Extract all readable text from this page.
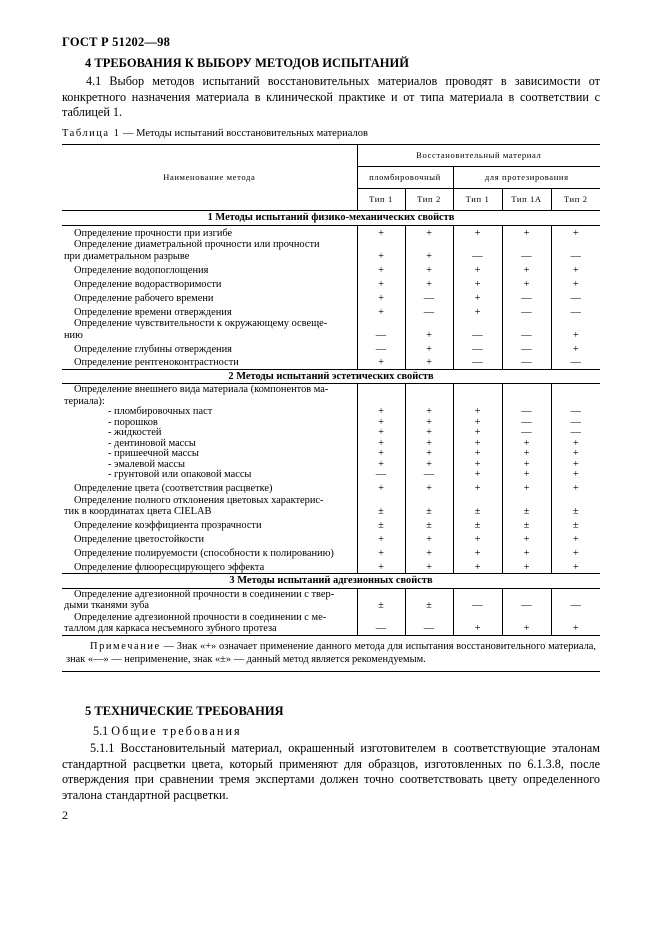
ГОСТ Р 51202—98
4 ТРЕБОВАНИЯ К ВЫБОРУ МЕТОДОВ ИСПЫТАНИЙ
4.1 Выбор методов испытаний восстановительных материалов проводят в зависимости от конкретного назначения материала в клинической практике и от типа материала в соответствии с таблицей 1.
Таблица 1 — Методы испытаний восстановительных материалов
Наименование метода	Восстановительный материал				
	пломбировочный		для протезирования		
	Тип 1	Тип 2	Тип 1	Тип 1А	Тип 2
1 Методы испытаний физико-механических свойств					
Определение прочности при изгибе	+	+	+	+	+
Определение диаметральной прочности или прочности
при диаметральном разрыве	+	+	—	—	—
Определение водопоглощения	+	+	+	+	+
Определение водорастворимости	+	+	+	+	+
Определение рабочего времени	+	—	+	—	—
Определение времени отверждения	+	—	+	—	—
Определение чувствительности к окружающему освеще-
нию	—	+	—	—	+
Определение глубины отверждения	—	+	—	—	+
Определение рентгеноконтрастности	+	+	—	—	—
2 Методы испытаний эстетических свойств					
Определение внешнего вида материала (компонентов ма-
териала):					
- пломбировочных паст	+	+	+	—	—
- порошков	+	+	+	—	—
- жидкостей	+	+	+	—	—
- дентиновой массы	+	+	+	+	+
- пришеечной массы	+	+	+	+	+
- эмалевой массы	+	+	+	+	+
- грунтовой или опаковой массы	—	—	+	+	+
Определение цвета (соответствия расцветке)	+	+	+	+	+
Определение полного отклонения цветовых характерис-
тик в координатах цвета CIELAB	±	±	±	±	±
Определение коэффициента прозрачности	±	±	±	±	±
Определение цветостойкости	+	+	+	+	+
Определение полируемости (способности к полированию)	+	+	+	+	+
Определение флюоресцирующего эффекта	+	+	+	+	+
3 Методы испытаний адгезионных свойств					
Определение адгезионной прочности в соединении с твер-
дыми тканями зуба	±	±	—	—	—
Определение адгезионной прочности в соединении с ме-
таллом для каркаса несъемного зубного протеза	—	—	+	+	+
Примечание — Знак «+» означает применение данного метода для испытания восстановительного материала, знак «—» — неприменение, знак «±» — данный метод является рекомендуемым.					
5 ТЕХНИЧЕСКИЕ ТРЕБОВАНИЯ
5.1 Общие требования
5.1.1 Восстановительный материал, окрашенный изготовителем в соответствующие эталонам стандартной расцветки цвета, который применяют для образцов, изготовленных по 6.1.3.8, после отверждения при сравнении тремя экспертами должен точно соответствовать цвету определенного эталона стандартной расцветки.
2
